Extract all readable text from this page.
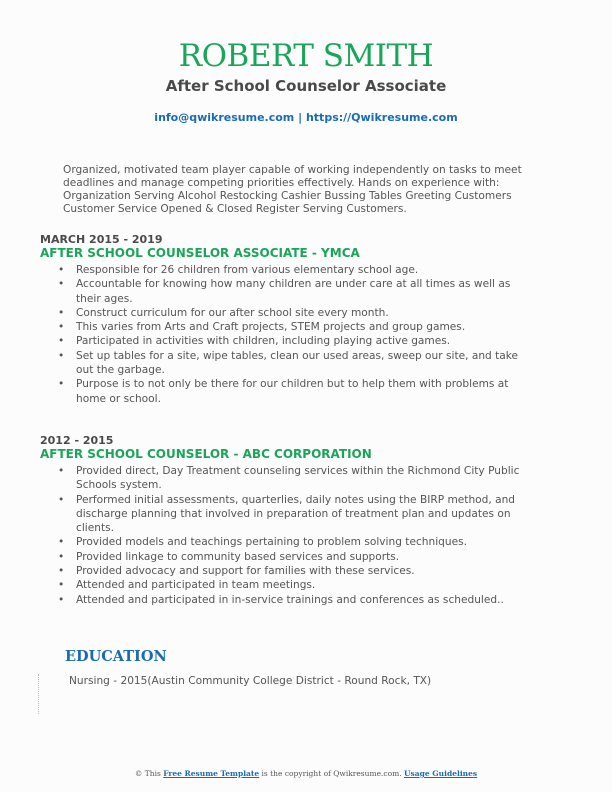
ROBERT SMITH
After School Counselor Associate
info@qwikresume.com | https://Qwikresume.com
Organized, motivated team player capable of working independently on tasks to meet deadlines and manage competing priorities effectively. Hands on experience with: Organization Serving Alcohol Restocking Cashier Bussing Tables Greeting Customers Customer Service Opened & Closed Register Serving Customers.
MARCH 2015 - 2019
AFTER SCHOOL COUNSELOR ASSOCIATE - YMCA
• Responsible for 26 children from various elementary school age.
• Accountable for knowing how many children are under care at all times as well as their ages.
• Construct curriculum for our after school site every month.
• This varies from Arts and Craft projects, STEM projects and group games.
• Participated in activities with children, including playing active games.
• Set up tables for a site, wipe tables, clean our used areas, sweep our site, and take out the garbage.
• Purpose is to not only be there for our children but to help them with problems at home or school.
2012 - 2015
AFTER SCHOOL COUNSELOR - ABC CORPORATION
• Provided direct, Day Treatment counseling services within the Richmond City Public Schools system.
• Performed initial assessments, quarterlies, daily notes using the BIRP method, and discharge planning that involved in preparation of treatment plan and updates on clients.
• Provided models and teachings pertaining to problem solving techniques.
• Provided linkage to community based services and supports.
• Provided advocacy and support for families with these services.
• Attended and participated in team meetings.
• Attended and participated in in-service trainings and conferences as scheduled..
EDUCATION
Nursing - 2015(Austin Community College District - Round Rock, TX)
© This Free Resume Template is the copyright of Qwikresume.com. Usage Guidelines
